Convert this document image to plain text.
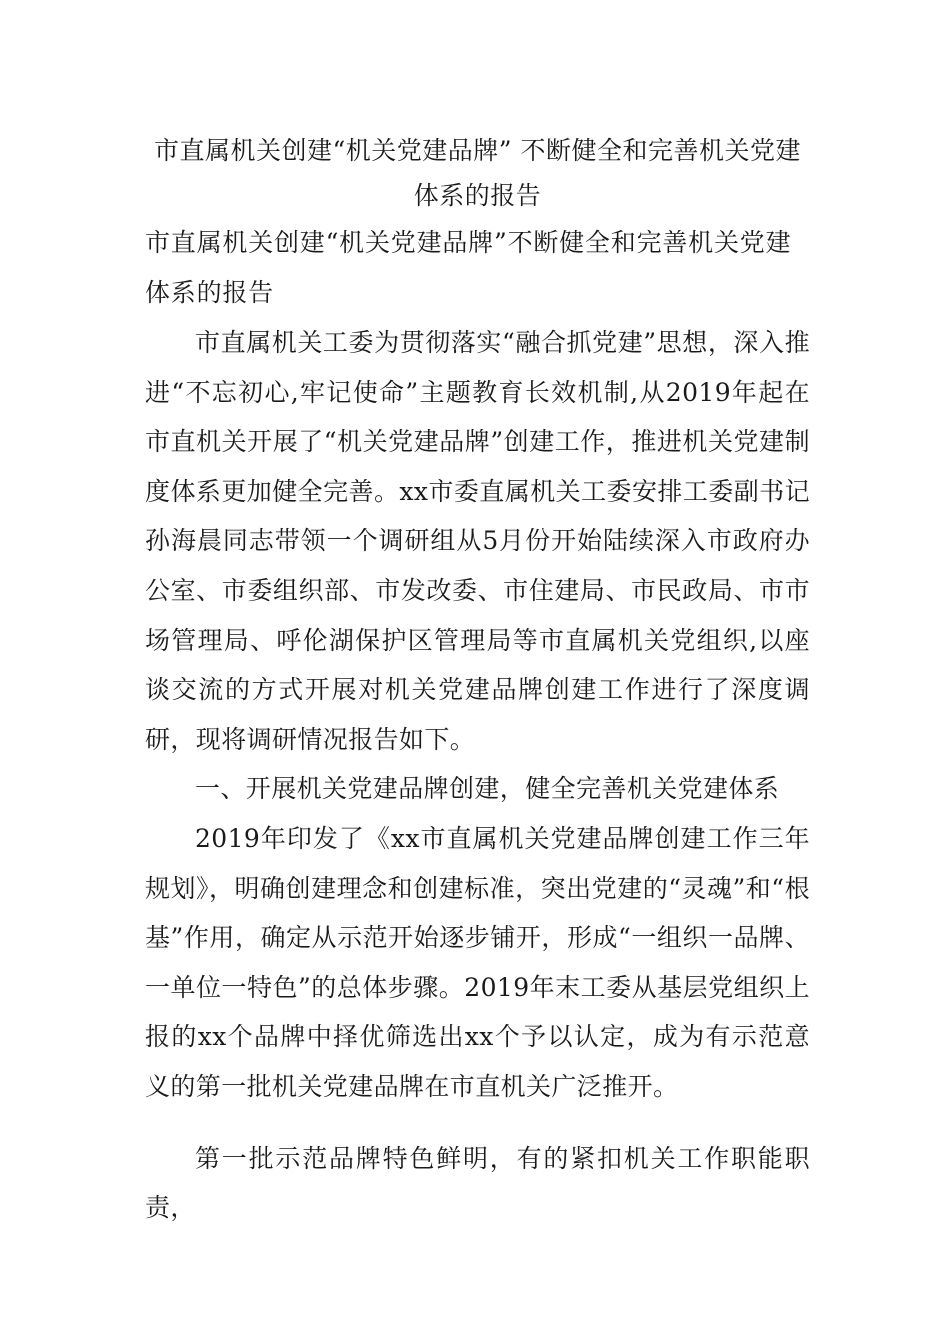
市直属机关创建“机关党建品牌” 不断健全和完善机关党建体系的报告

市直属机关创建“机关党建品牌”不断健全和完善机关党建体系的报告

市直属机关工委为贯彻落实“融合抓党建”思想，深入推进“不忘初心,牢记使命”主题教育长效机制,从2019年起在市直机关开展了“机关党建品牌”创建工作，推进机关党建制度体系更加健全完善。xx市委直属机关工委安排工委副书记孙海晨同志带领一个调研组从5月份开始陆续深入市政府办公室、市委组织部、市发改委、市住建局、市民政局、市市场管理局、呼伦湖保护区管理局等市直属机关党组织,以座谈交流的方式开展对机关党建品牌创建工作进行了深度调研，现将调研情况报告如下。

一、开展机关党建品牌创建，健全完善机关党建体系

2019年印发了《xx市直属机关党建品牌创建工作三年规划》，明确创建理念和创建标准，突出党建的“灵魂”和“根基”作用，确定从示范开始逐步铺开，形成“一组织一品牌、一单位一特色”的总体步骤。2019年末工委从基层党组织上报的xx个品牌中择优筛选出xx个予以认定，成为有示范意义的第一批机关党建品牌在市直机关广泛推开。

第一批示范品牌特色鲜明，有的紧扣机关工作职能职责，
